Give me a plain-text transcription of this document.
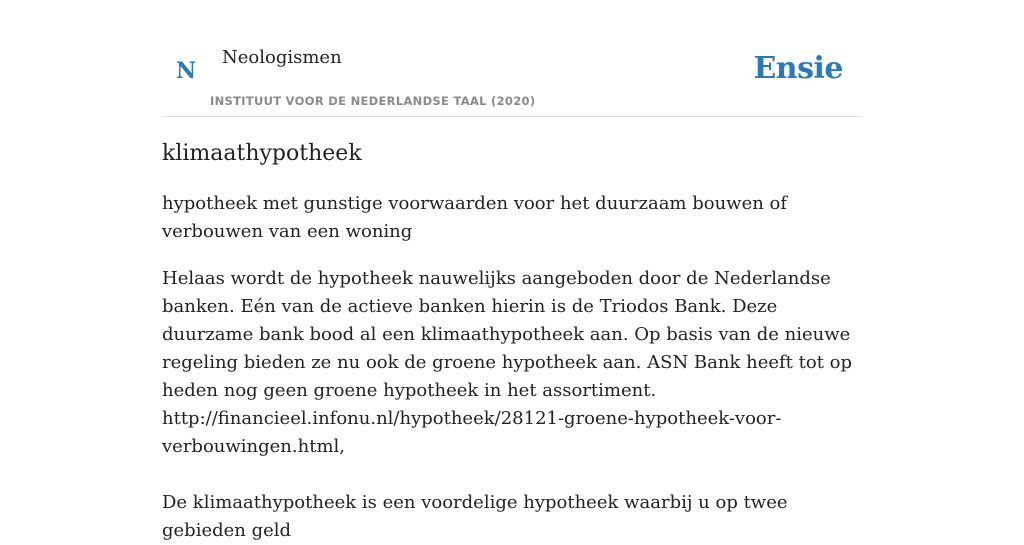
N
Neologismen
INSTITUUT VOOR DE NEDERLANDSE TAAL (2020)
Ensie
klimaathypotheek

hypotheek met gunstige voorwaarden voor het duurzaam bouwen of verbouwen van een woning

Helaas wordt de hypotheek nauwelijks aangeboden door de Nederlandse banken. Eén van de actieve banken hierin is de Triodos Bank. Deze duurzame bank bood al een klimaathypotheek aan. Op basis van de nieuwe regeling bieden ze nu ook de groene hypotheek aan. ASN Bank heeft tot op heden nog geen groene hypotheek in het assortiment.
http://financieel.infonu.nl/hypotheek/28121-groene-hypotheek-voor-verbouwingen.html,

De klimaathypotheek is een voordelige hypotheek waarbij u op twee gebieden geld
